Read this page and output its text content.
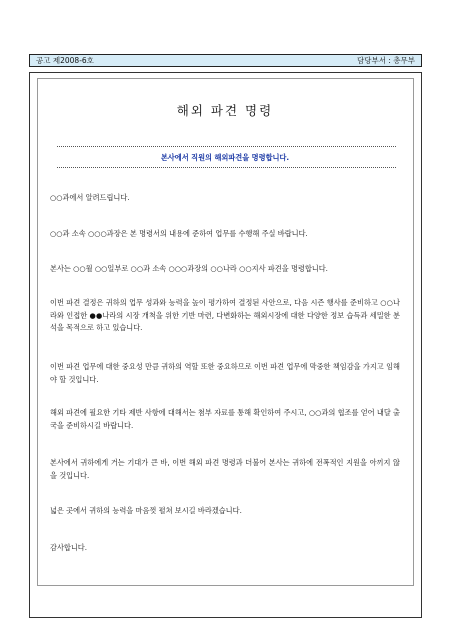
공고 제2008-6호	담당부서 : 총무부
해외 파견 명령
본사에서 직원의 해외파견을 명령합니다.
○○과에서 알려드립니다.
○○과 소속 ○○○과장은 본 명령서의 내용에 준하여 업무를 수행해 주실 바랍니다.
본사는 ○○월 ○○일부로 ○○과 소속 ○○○과장의 ○○나라 ○○지사 파견을 명령합니다.
이번 파견 결정은 귀하의 업무 성과와 능력을 높이 평가하여 결정된 사안으로, 다음 시즌 행사를 준비하고 ○○나라와 인접한 ●●나라의 시장 개척을 위한 기반 마련, 다변화하는 해외시장에 대한 다양한 정보 습득과 세밀한 분석을 목적으로 하고 있습니다.
이번 파견 업무에 대한 중요성 만큼 귀하의 역할 또한 중요하므로 이번 파견 업무에 막중한 책임감을 가지고 임해야 할 것입니다.
해외 파견에 필요한 기타 제반 사항에 대해서는 첨부 자료를 통해 확인하여 주시고, ○○과의 협조를 얻어 내달 출국을 준비하시길 바랍니다.
본사에서 귀하에게 거는 기대가 큰 바, 이번 해외 파견 명령과 더불어 본사는 귀하에 전폭적인 지원을 아끼지 않을 것입니다.
넓은 곳에서 귀하의 능력을 마음껏 펼쳐 보시길 바라겠습니다.
감사합니다.
